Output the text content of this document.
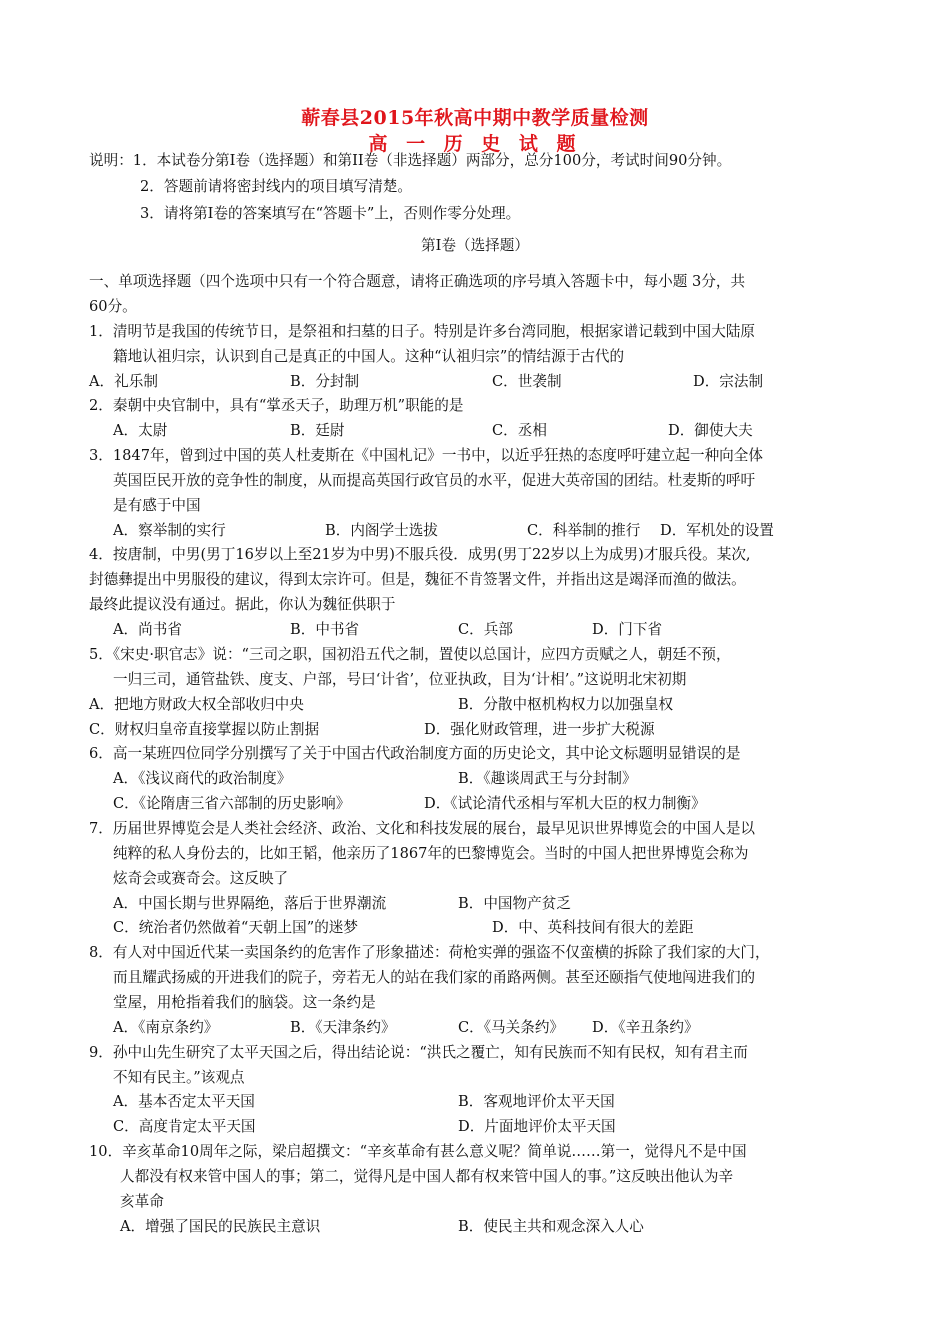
蕲春县2015年秋高中期中教学质量检测
高 一 历 史 试 题
说明：1．本试卷分第Ⅰ卷（选择题）和第II卷（非选择题）两部分，总分100分，考试时间90分钟。
2．答题前请将密封线内的项目填写清楚。
3．请将第Ⅰ卷的答案填写在“答题卡”上，否则作零分处理。
第Ⅰ卷（选择题）
一、单项选择题（四个选项中只有一个符合题意，请将正确选项的序号填入答题卡中，每小题 3分，共
60分。
1．清明节是我国的传统节日，是祭祖和扫墓的日子。特别是许多台湾同胞，根据家谱记载到中国大陆原
籍地认祖归宗，认识到自己是真正的中国人。这种“认祖归宗”的情结源于古代的
A．礼乐制	B．分封制	C．世袭制	D．宗法制
2．秦朝中央官制中，具有“掌丞天子，助理万机”职能的是
A．太尉	B．廷尉	C．丞相	D．御使大夫
3．1847年，曾到过中国的英人杜麦斯在《中国札记》一书中，以近乎狂热的态度呼吁建立起一种向全体
英国臣民开放的竞争性的制度，从而提高英国行政官员的水平，促进大英帝国的团结。杜麦斯的呼吁
是有感于中国
A．察举制的实行	B．内阁学士选拔	C．科举制的推行 D．军机处的设置
4．按唐制，中男(男丁16岁以上至21岁为中男)不服兵役．成男(男丁22岁以上为成男)才服兵役。某次,
封德彝提出中男服役的建议，得到太宗许可。但是，魏征不肯签署文件，并指出这是竭泽而渔的做法。
最终此提议没有通过。据此，你认为魏征供职于
A．尚书省	B．中书省	C．兵部	D．门下省
5．《宋史·职官志》说：“三司之职，国初沿五代之制，置使以总国计，应四方贡赋之人，朝廷不预，
一归三司，通管盐铁、度支、户部，号曰‘计省’，位亚执政，目为‘计相’。”这说明北宋初期
A．把地方财政大权全部收归中央	B．分散中枢机构权力以加强皇权
C．财权归皇帝直接掌握以防止割据	D．强化财政管理，进一步扩大税源
6．高一某班四位同学分别撰写了关于中国古代政治制度方面的历史论文，其中论文标题明显错误的是
A．《浅议商代的政治制度》	B．《趣谈周武王与分封制》
C．《论隋唐三省六部制的历史影响》	D．《试论清代丞相与军机大臣的权力制衡》
7．历届世界博览会是人类社会经济、政治、文化和科技发展的展台，最早见识世界博览会的中国人是以
纯粹的私人身份去的，比如王韬，他亲历了1867年的巴黎博览会。当时的中国人把世界博览会称为
炫奇会或赛奇会。这反映了
A．中国长期与世界隔绝，落后于世界潮流	B．中国物产贫乏
C．统治者仍然做着“天朝上国”的迷梦	D．中、英科技间有很大的差距
8．有人对中国近代某一卖国条约的危害作了形象描述：荷枪实弹的强盗不仅蛮横的拆除了我们家的大门，
而且耀武扬威的开进我们的院子，旁若无人的站在我们家的甬路两侧。甚至还颐指气使地闯进我们的
堂屋，用枪指着我们的脑袋。这一条约是
A．《南京条约》	B．《天津条约》	C．《马关条约》 D．《辛丑条约》
9．孙中山先生研究了太平天国之后，得出结论说：“洪氏之覆亡，知有民族而不知有民权，知有君主而
不知有民主。”该观点
A．基本否定太平天国	B．客观地评价太平天国
C．高度肯定太平天国	D．片面地评价太平天国
10．辛亥革命10周年之际，梁启超撰文：“辛亥革命有甚么意义呢？简单说……第一，觉得凡不是中国
人都没有权来管中国人的事；第二，觉得凡是中国人都有权来管中国人的事。”这反映出他认为辛
亥革命
A．增强了国民的民族民主意识	B．使民主共和观念深入人心
